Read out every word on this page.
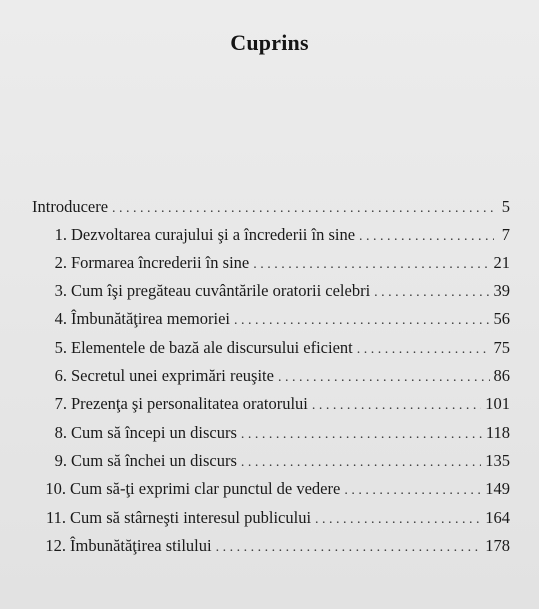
Cuprins
Introducere . . .	5
1. Dezvoltarea curajului şi a încrederii în sine . . .	7
2. Formarea încrederii în sine . . .	21
3. Cum îşi pregăteau cuvântările oratorii celebri . . .	39
4. Îmbunătăţirea memoriei . . .	56
5. Elementele de bază ale discursului eficient . . .	75
6. Secretul unei exprimări reuşite . . .	86
7. Prezenţa şi personalitatea oratorului . . .	101
8. Cum să începi un discurs . . .	118
9. Cum să închei un discurs . . .	135
10. Cum să-ţi exprimi clar punctul de vedere . . .	149
11. Cum să stârneşti interesul publicului . . .	164
12. Îmbunătăţirea stilului . . .	178
